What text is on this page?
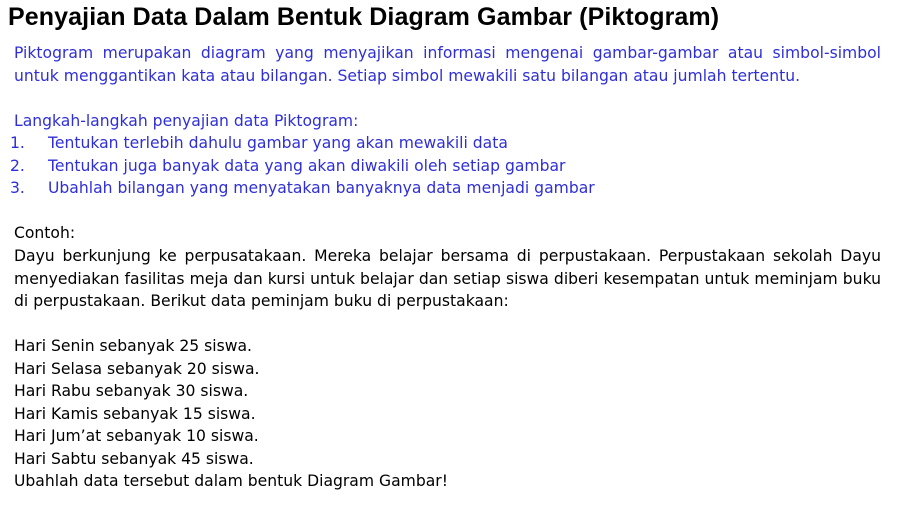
Penyajian Data Dalam Bentuk Diagram Gambar (Piktogram)
Piktogram merupakan diagram yang menyajikan informasi mengenai gambar-gambar atau simbol-simbol untuk menggantikan kata atau bilangan. Setiap simbol mewakili satu bilangan atau jumlah tertentu.
Langkah-langkah penyajian data Piktogram:
1.	Tentukan terlebih dahulu gambar yang akan mewakili data
2.	Tentukan juga banyak data yang akan diwakili oleh setiap gambar
3.	Ubahlah bilangan yang menyatakan banyaknya data menjadi gambar
Contoh:
Dayu berkunjung ke perpusatakaan. Mereka belajar bersama di perpustakaan. Perpustakaan sekolah Dayu menyediakan fasilitas meja dan kursi untuk belajar dan setiap siswa diberi kesempatan untuk meminjam buku di perpustakaan. Berikut data peminjam buku di perpustakaan:
Hari Senin sebanyak 25 siswa.
Hari Selasa sebanyak 20 siswa.
Hari Rabu sebanyak 30 siswa.
Hari Kamis sebanyak 15 siswa.
Hari Jum’at sebanyak 10 siswa.
Hari Sabtu sebanyak 45 siswa.
Ubahlah data tersebut dalam bentuk Diagram Gambar!
